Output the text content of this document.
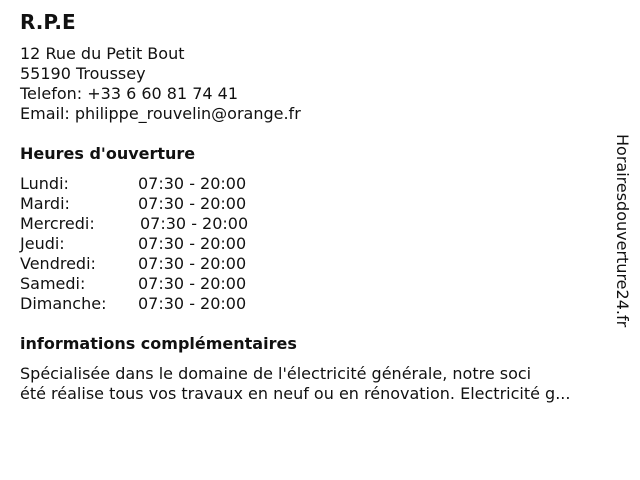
R.P.E
12 Rue du Petit Bout
55190 Troussey
Telefon: +33 6 60 81 74 41
Email: philippe_rouvelin@orange.fr
Heures d'ouverture
Lundi:	07:30 - 20:00
Mardi:	07:30 - 20:00
Mercredi:	07:30 - 20:00
Jeudi:	07:30 - 20:00
Vendredi:	07:30 - 20:00
Samedi:	07:30 - 20:00
Dimanche: 07:30 - 20:00
informations complémentaires
Spécialisée dans le domaine de l'électricité générale, notre soci
été réalise tous vos travaux en neuf ou en rénovation. Electricité g...
Horairesdouverture24.fr
